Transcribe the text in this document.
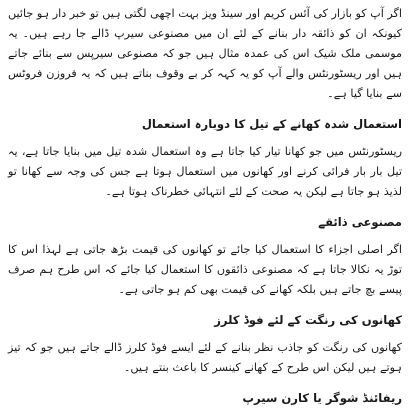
اگر آپ کو بازار کی آئس کریم اور سینڈ ویز بہت اچھی لگتی ہیں تو خبر دار ہو جائیں کیونکہ ان کو ذائقہ دار بنانے کے لئے ان میں مصنوعی سیرپ ڈالے جا رہے ہیں۔ یہ موسمی ملک شیک اس کی عمدہ مثال ہیں جو کہ مصنوعی سیرپس سے بنائے جاتے ہیں اور ریسٹورنٹس والے آپ کو یہ کہہ کر بے وقوف بناتے ہیں کہ یہ فروزن فروٹس سے بنایا گیا ہے۔

استعمال شدہ کھانے کے تیل کا دوبارہ استعمال

ریسٹورنٹس میں جو کھانا تیار کیا جاتا ہے وہ استعمال شدہ تیل میں بنایا جاتا ہے، یہ تیل بار بار فرائی کرنے اور کھانوں میں استعمال ہوتا ہے جس کی وجہ سے کھانا تو لذیذ ہو جاتا ہے لیکن یہ صحت کے لئے انتہائی خطرناک ہوتا ہے۔

مصنوعی ذائقے

اگر اصلی اجزاء کا استعمال کیا جائے تو کھانوں کی قیمت بڑھ جاتی ہے لہذا اس کا توڑ یہ نکالا جاتا ہے کہ مصنوعی ذائقوں کا استعمال کیا جائے کہ اس طرح ہم صرف پیسے بچ جاتے ہیں بلکہ کھانے کی قیمت بھی کم ہو جاتی ہے۔

کھانوں کی رنگت کے لئے فوڈ کلرز

کھانوں کی رنگت کو جاذب نظر بنانے کے لئے ایسے فوڈ کلرز ڈالے جاتے ہیں جو کہ تیز ہوتے ہیں لیکن اس طرح کے کھانے کینسر کا باعث بنتے ہیں۔

ریفائنڈ شوگر یا کارن سیرپ
